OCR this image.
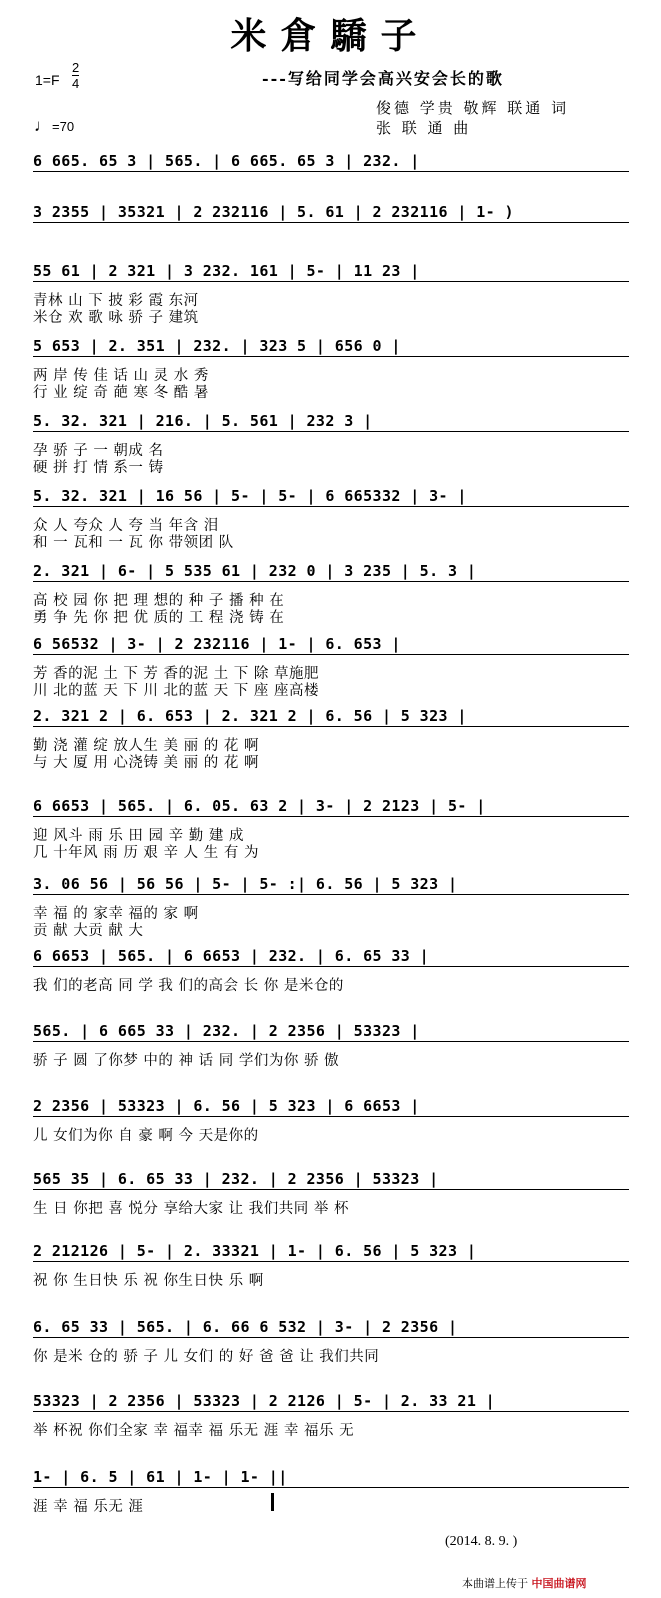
米倉驕子
1=F
2
4	---写给同学会高兴安会长的歌
♩=70
俊德 学贵 敬辉 联通 词
张 联 通 曲
6 665. 65 3 | 565. | 6 665. 65 3 | 232. |
3 2355 | 35321 | 2 232116 | 5. 61 | 2 232116 | 1- )
55 61 | 2 321 | 3 232. 161 | 5- | 11 23 |
青林 山 下 披 彩 霞 东河
米仓 欢 歌 咏 骄 子 建筑
5 653 | 2. 351 | 232. | 323 5 | 656 0 |
两 岸 传 佳 话 山 灵 水 秀
行 业 绽 奇 葩 寒 冬 酷 暑
5. 32. 321 | 216. | 5. 561 | 232 3 |
孕 骄 子 一 朝成 名
硬 拼 打 情 系一 铸
5. 32. 321 | 16 56 | 5- | 5- | 6 665332 | 3- |
众 人 夸众 人 夸 当 年含 泪
和 一 瓦和 一 瓦 你 带领团 队
2. 321 | 6- | 5 535 61 | 232 0 | 3 235 | 5. 3 |
高 校 园 你 把 理 想的 种 子 播 种 在
勇 争 先 你 把 优 质的 工 程 浇 铸 在
6 56532 | 3- | 2 232116 | 1- | 6. 653 |
芳 香的泥 土 下 芳 香的泥 土 下 除 草施肥
川 北的蓝 天 下 川 北的蓝 天 下 座 座高楼
2. 321 2 | 6. 653 | 2. 321 2 | 6. 56 | 5 323 |
勤 浇 灌 绽 放人生 美 丽 的 花 啊
与 大 厦 用 心浇铸 美 丽 的 花 啊
6 6653 | 565. | 6. 05. 63 2 | 3- | 2 2123 | 5- |
迎 风斗 雨 乐 田 园 辛 勤 建 成
几 十年风 雨 历 艰 辛 人 生 有 为
3. 06 56 | 56 56 | 5- | 5- :| 6. 56 | 5 323 |
幸 福 的 家幸 福的 家 啊
贡 献 大贡 献 大
6 6653 | 565. | 6 6653 | 232. | 6. 65 33 |
我 们的老高 同 学 我 们的高会 长 你 是米仓的
565. | 6 665 33 | 232. | 2 2356 | 53323 |
骄 子 圆 了你梦 中的 神 话 同 学们为你 骄 傲
2 2356 | 53323 | 6. 56 | 5 323 | 6 6653 |
儿 女们为你 自 豪 啊 今 天是你的
565 35 | 6. 65 33 | 232. | 2 2356 | 53323 |
生 日 你把 喜 悦分 享给大家 让 我们共同 举 杯
2 212126 | 5- | 2. 33321 | 1- | 6. 56 | 5 323 |
祝 你 生日快 乐 祝 你生日快 乐 啊
6. 65 33 | 565. | 6. 66 6 532 | 3- | 2 2356 |
你 是米 仓的 骄 子 儿 女们 的 好 爸 爸 让 我们共同
53323 | 2 2356 | 53323 | 2 2126 | 5- | 2. 33 21 |
举 杯祝 你们全家 幸 福幸 福 乐无 涯 幸 福乐 无
1- | 6. 5 | 61 | 1- | 1- ||
涯 幸 福 乐无 涯
(2014. 8. 9. )
本曲谱上传于 中国曲谱网
